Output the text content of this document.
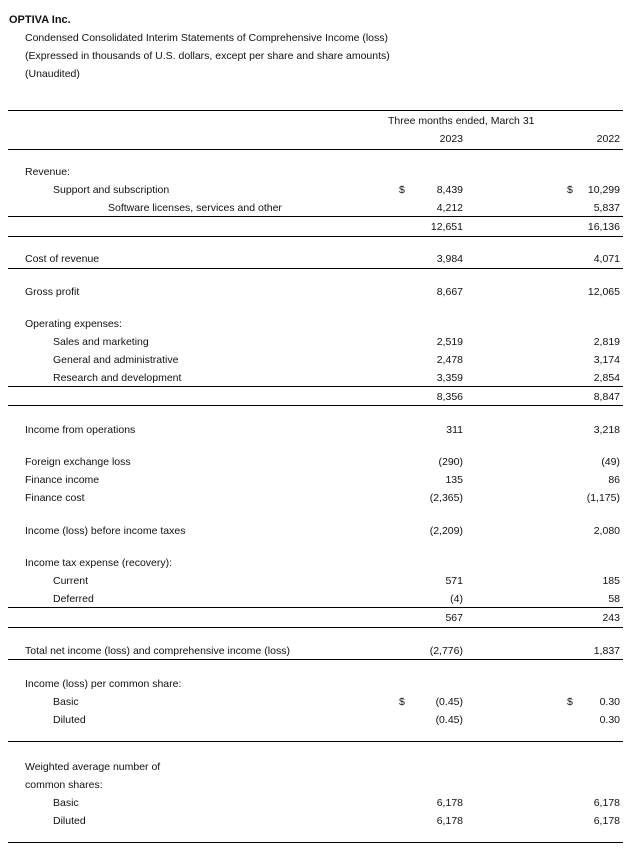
OPTIVA Inc.
Condensed Consolidated Interim Statements of Comprehensive Income (loss)
(Expressed in thousands of U.S. dollars, except per share and share amounts)
(Unaudited)
Three months ended, March 31
2023	2022
Revenue:
Support and subscription	$	8,439	$	10,299
Software licenses, services and other	4,212	5,837
12,651	16,136
Cost of revenue	3,984	4,071
Gross profit	8,667	12,065
Operating expenses:
Sales and marketing	2,519	2,819
General and administrative	2,478	3,174
Research and development	3,359	2,854
8,356	8,847
Income from operations	311	3,218
Foreign exchange loss	(290)	(49)
Finance income	135	86
Finance cost	(2,365)	(1,175)
Income (loss) before income taxes	(2,209)	2,080
Income tax expense (recovery):
Current	571	185
Deferred	(4)	58
567	243
Total net income (loss) and comprehensive income (loss)	(2,776)	1,837
Income (loss) per common share:
Basic	$	(0.45)	$	0.30
Diluted	(0.45)	0.30
Weighted average number of
common shares:
Basic	6,178	6,178
Diluted	6,178	6,178
